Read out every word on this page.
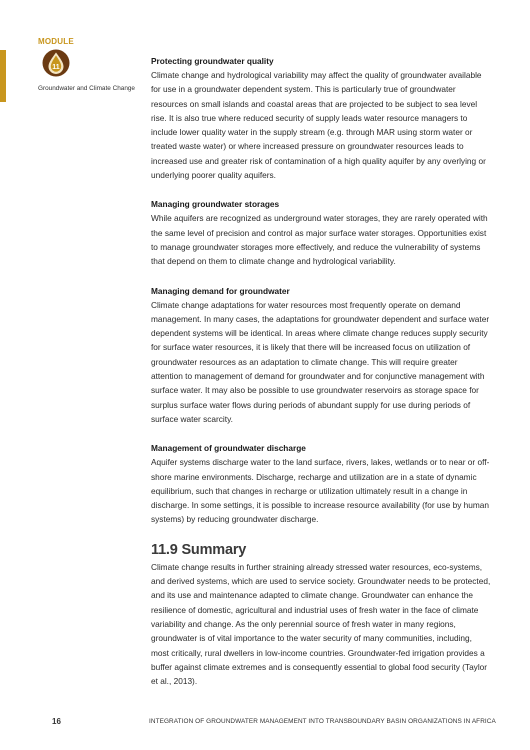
MODULE
11
Groundwater and Climate Change
Protecting groundwater quality
Climate change and hydrological variability may affect the quality of groundwater available for use in a groundwater dependent system. This is particularly true of groundwater resources on small islands and coastal areas that are projected to be subject to sea level rise. It is also true where reduced security of supply leads water resource managers to include lower quality water in the supply stream (e.g. through MAR using storm water or treated waste water) or where increased pressure on groundwater resources leads to increased use and greater risk of contamination of a high quality aquifer by any overlying or underlying poorer quality aquifers.
Managing groundwater storages
While aquifers are recognized as underground water storages, they are rarely operated with the same level of precision and control as major surface water storages. Opportunities exist to manage groundwater storages more effectively, and reduce the vulnerability of systems that depend on them to climate change and hydrological variability.
Managing demand for groundwater
Climate change adaptations for water resources most frequently operate on demand management. In many cases, the adaptations for groundwater dependent and surface water dependent systems will be identical. In areas where climate change reduces supply security for surface water resources, it is likely that there will be increased focus on utilization of groundwater resources as an adaptation to climate change. This will require greater attention to management of demand for groundwater and for conjunctive management with surface water. It may also be possible to use groundwater reservoirs as storage space for surplus surface water flows during periods of abundant supply for use during periods of surface water scarcity.
Management of groundwater discharge
Aquifer systems discharge water to the land surface, rivers, lakes, wetlands or to near or off-shore marine environments. Discharge, recharge and utilization are in a state of dynamic equilibrium, such that changes in recharge or utilization ultimately result in a change in discharge. In some settings, it is possible to increase resource availability (for use by human systems) by reducing groundwater discharge.
11.9 Summary
Climate change results in further straining already stressed water resources, eco-systems, and derived systems, which are used to service society. Groundwater needs to be protected, and its use and maintenance adapted to climate change. Groundwater can enhance the resilience of domestic, agricultural and industrial uses of fresh water in the face of climate variability and change. As the only perennial source of fresh water in many regions, groundwater is of vital importance to the water security of many communities, including, most critically, rural dwellers in low-income countries. Groundwater-fed irrigation provides a buffer against climate extremes and is consequently essential to global food security (Taylor et al., 2013).
16	INTEGRATION OF GROUNDWATER MANAGEMENT INTO TRANSBOUNDARY BASIN ORGANIZATIONS IN AFRICA
